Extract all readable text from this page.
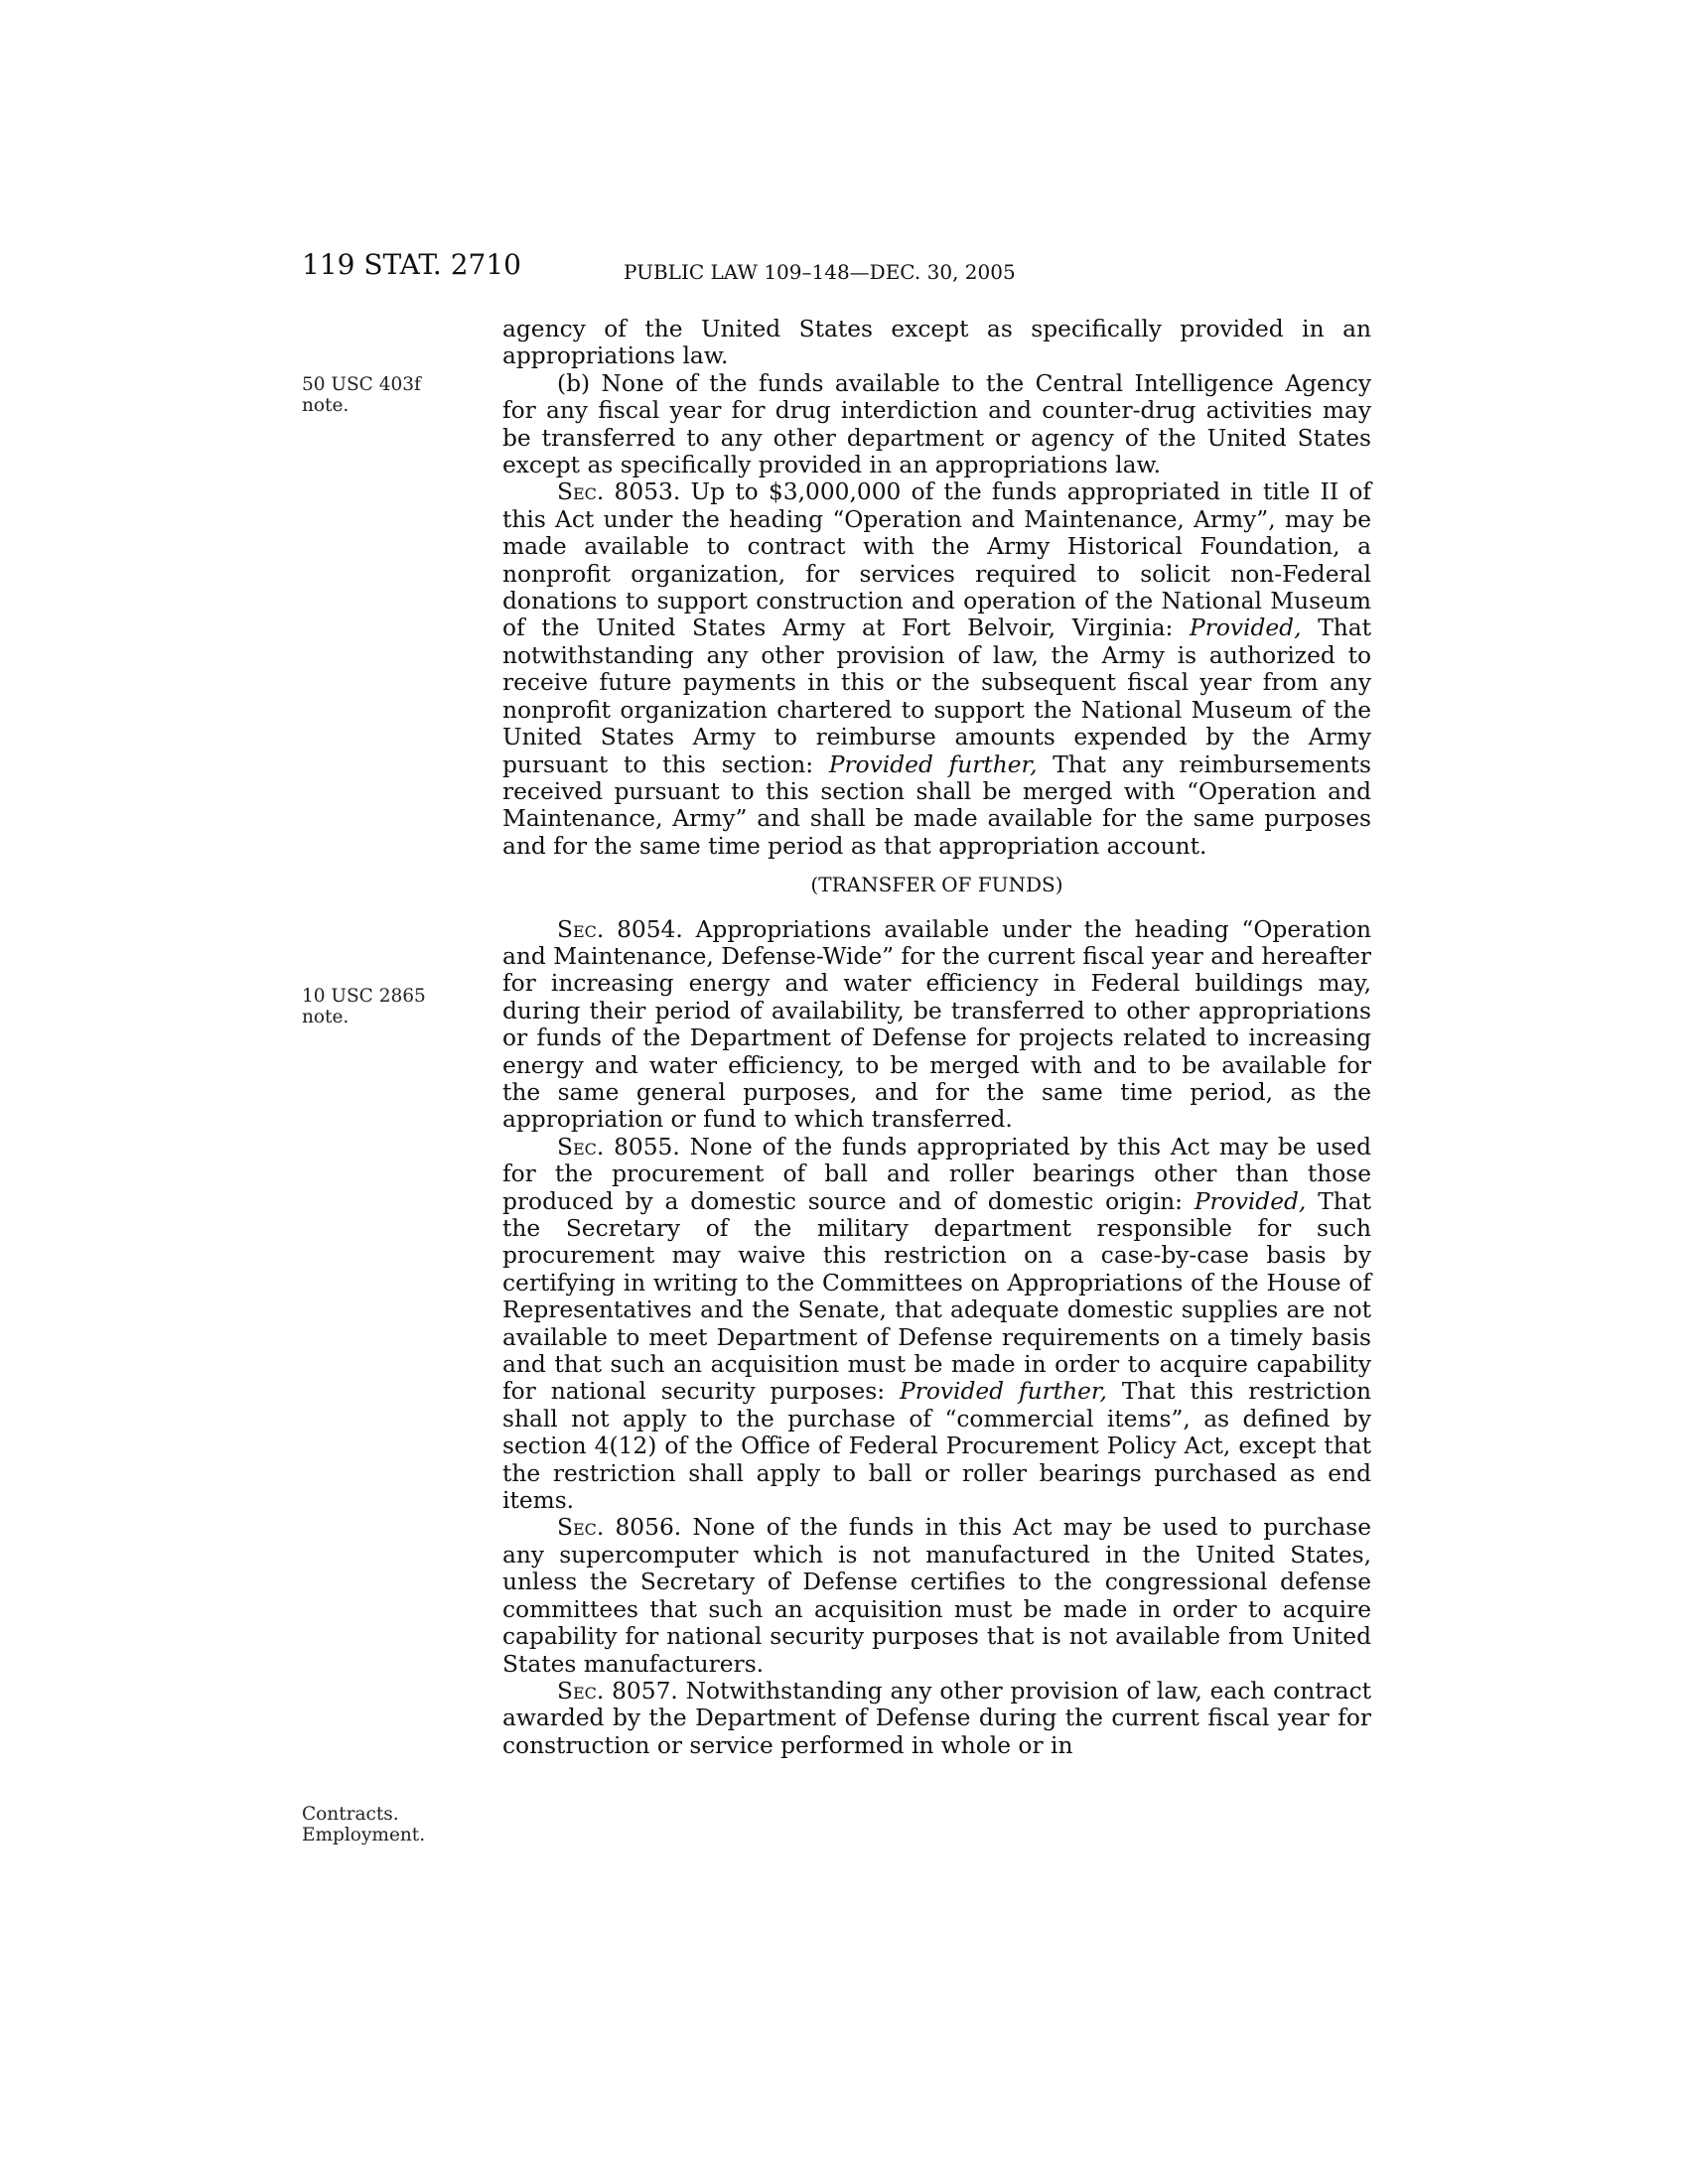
119 STAT. 2710	PUBLIC LAW 109–148—DEC. 30, 2005
50 USC 403f
note.
10 USC 2865
note.
Contracts.
Employment.

agency of the United States except as specifically provided in an appropriations law.

(b) None of the funds available to the Central Intelligence Agency for any fiscal year for drug interdiction and counter-drug activities may be transferred to any other department or agency of the United States except as specifically provided in an appropriations law.

Sec. 8053. Up to $3,000,000 of the funds appropriated in title II of this Act under the heading “Operation and Maintenance, Army”, may be made available to contract with the Army Historical Foundation, a nonprofit organization, for services required to solicit non-Federal donations to support construction and operation of the National Museum of the United States Army at Fort Belvoir, Virginia: Provided, That notwithstanding any other provision of law, the Army is authorized to receive future payments in this or the subsequent fiscal year from any nonprofit organization chartered to support the National Museum of the United States Army to reimburse amounts expended by the Army pursuant to this section: Provided further, That any reimbursements received pursuant to this section shall be merged with “Operation and Maintenance, Army” and shall be made available for the same purposes and for the same time period as that appropriation account.

(TRANSFER OF FUNDS)

Sec. 8054. Appropriations available under the heading “Operation and Maintenance, Defense-Wide” for the current fiscal year and hereafter for increasing energy and water efficiency in Federal buildings may, during their period of availability, be transferred to other appropriations or funds of the Department of Defense for projects related to increasing energy and water efficiency, to be merged with and to be available for the same general purposes, and for the same time period, as the appropriation or fund to which transferred.

Sec. 8055. None of the funds appropriated by this Act may be used for the procurement of ball and roller bearings other than those produced by a domestic source and of domestic origin: Provided, That the Secretary of the military department responsible for such procurement may waive this restriction on a case-by-case basis by certifying in writing to the Committees on Appropriations of the House of Representatives and the Senate, that adequate domestic supplies are not available to meet Department of Defense requirements on a timely basis and that such an acquisition must be made in order to acquire capability for national security purposes: Provided further, That this restriction shall not apply to the purchase of “commercial items”, as defined by section 4(12) of the Office of Federal Procurement Policy Act, except that the restriction shall apply to ball or roller bearings purchased as end items.

Sec. 8056. None of the funds in this Act may be used to purchase any supercomputer which is not manufactured in the United States, unless the Secretary of Defense certifies to the congressional defense committees that such an acquisition must be made in order to acquire capability for national security purposes that is not available from United States manufacturers.

Sec. 8057. Notwithstanding any other provision of law, each contract awarded by the Department of Defense during the current fiscal year for construction or service performed in whole or in
